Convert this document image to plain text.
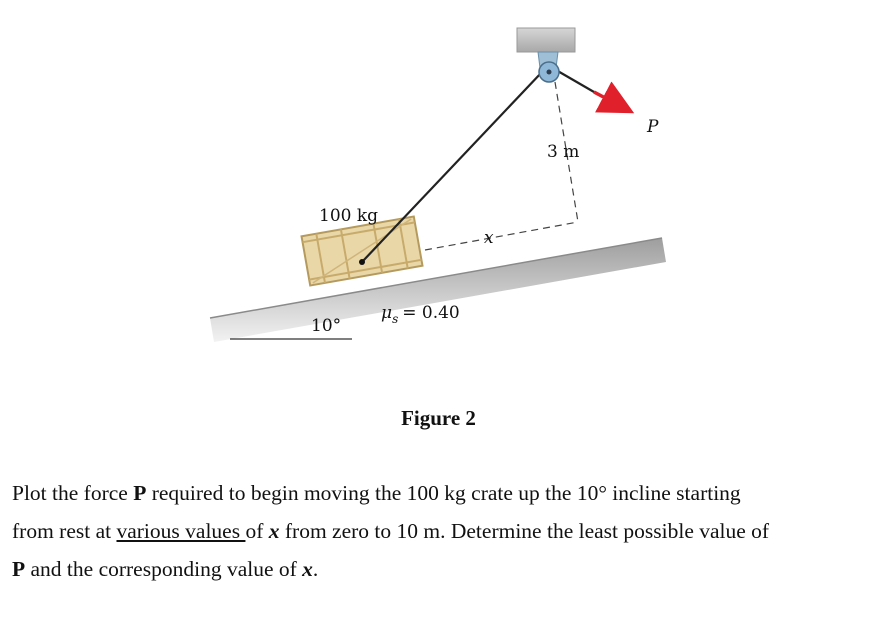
100 kg
10°
$\mu_s = 0.40$
3 m
x
P
Figure 2
Plot the force P required to begin moving the 100 kg crate up the 10° incline starting
from rest at various values of x from zero to 10 m. Determine the least possible value of
P and the corresponding value of x.
